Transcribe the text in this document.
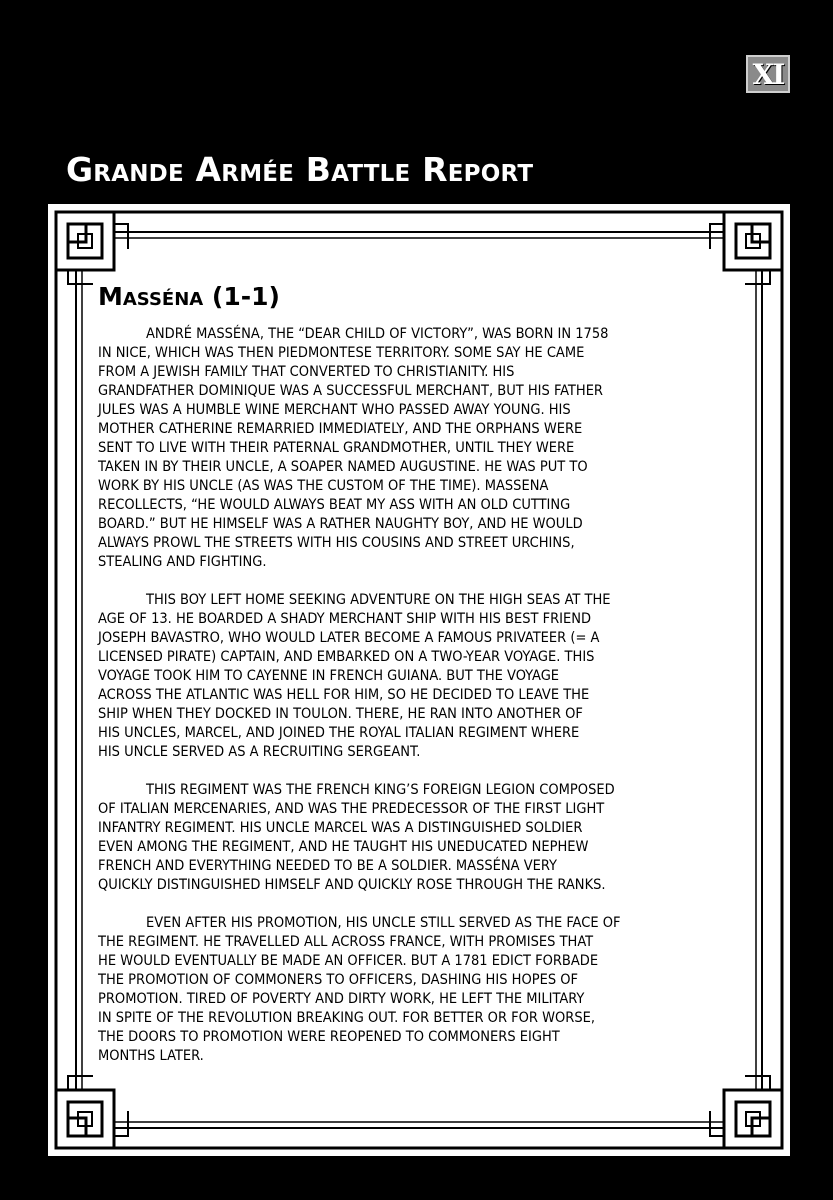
XI
Grande Armée Battle Report
Masséna (1-1)

ANDRÉ MASSÉNA, THE “DEAR CHILD OF VICTORY”, WAS BORN IN 1758
IN NICE, WHICH WAS THEN PIEDMONTESE TERRITORY. SOME SAY HE CAME
FROM A JEWISH FAMILY THAT CONVERTED TO CHRISTIANITY. HIS
GRANDFATHER DOMINIQUE WAS A SUCCESSFUL MERCHANT, BUT HIS FATHER
JULES WAS A HUMBLE WINE MERCHANT WHO PASSED AWAY YOUNG. HIS
MOTHER CATHERINE REMARRIED IMMEDIATELY, AND THE ORPHANS WERE
SENT TO LIVE WITH THEIR PATERNAL GRANDMOTHER, UNTIL THEY WERE
TAKEN IN BY THEIR UNCLE, A SOAPER NAMED AUGUSTINE. HE WAS PUT TO
WORK BY HIS UNCLE (AS WAS THE CUSTOM OF THE TIME). MASSENA
RECOLLECTS, “HE WOULD ALWAYS BEAT MY ASS WITH AN OLD CUTTING
BOARD.” BUT HE HIMSELF WAS A RATHER NAUGHTY BOY, AND HE WOULD
ALWAYS PROWL THE STREETS WITH HIS COUSINS AND STREET URCHINS,
STEALING AND FIGHTING.

THIS BOY LEFT HOME SEEKING ADVENTURE ON THE HIGH SEAS AT THE
AGE OF 13. HE BOARDED A SHADY MERCHANT SHIP WITH HIS BEST FRIEND
JOSEPH BAVASTRO, WHO WOULD LATER BECOME A FAMOUS PRIVATEER (= A
LICENSED PIRATE) CAPTAIN, AND EMBARKED ON A TWO-YEAR VOYAGE. THIS
VOYAGE TOOK HIM TO CAYENNE IN FRENCH GUIANA. BUT THE VOYAGE
ACROSS THE ATLANTIC WAS HELL FOR HIM, SO HE DECIDED TO LEAVE THE
SHIP WHEN THEY DOCKED IN TOULON. THERE, HE RAN INTO ANOTHER OF
HIS UNCLES, MARCEL, AND JOINED THE ROYAL ITALIAN REGIMENT WHERE
HIS UNCLE SERVED AS A RECRUITING SERGEANT.

THIS REGIMENT WAS THE FRENCH KING’S FOREIGN LEGION COMPOSED
OF ITALIAN MERCENARIES, AND WAS THE PREDECESSOR OF THE FIRST LIGHT
INFANTRY REGIMENT. HIS UNCLE MARCEL WAS A DISTINGUISHED SOLDIER
EVEN AMONG THE REGIMENT, AND HE TAUGHT HIS UNEDUCATED NEPHEW
FRENCH AND EVERYTHING NEEDED TO BE A SOLDIER. MASSÉNA VERY
QUICKLY DISTINGUISHED HIMSELF AND QUICKLY ROSE THROUGH THE RANKS.

EVEN AFTER HIS PROMOTION, HIS UNCLE STILL SERVED AS THE FACE OF
THE REGIMENT. HE TRAVELLED ALL ACROSS FRANCE, WITH PROMISES THAT
HE WOULD EVENTUALLY BE MADE AN OFFICER. BUT A 1781 EDICT FORBADE
THE PROMOTION OF COMMONERS TO OFFICERS, DASHING HIS HOPES OF
PROMOTION. TIRED OF POVERTY AND DIRTY WORK, HE LEFT THE MILITARY
IN SPITE OF THE REVOLUTION BREAKING OUT. FOR BETTER OR FOR WORSE,
THE DOORS TO PROMOTION WERE REOPENED TO COMMONERS EIGHT
MONTHS LATER.
